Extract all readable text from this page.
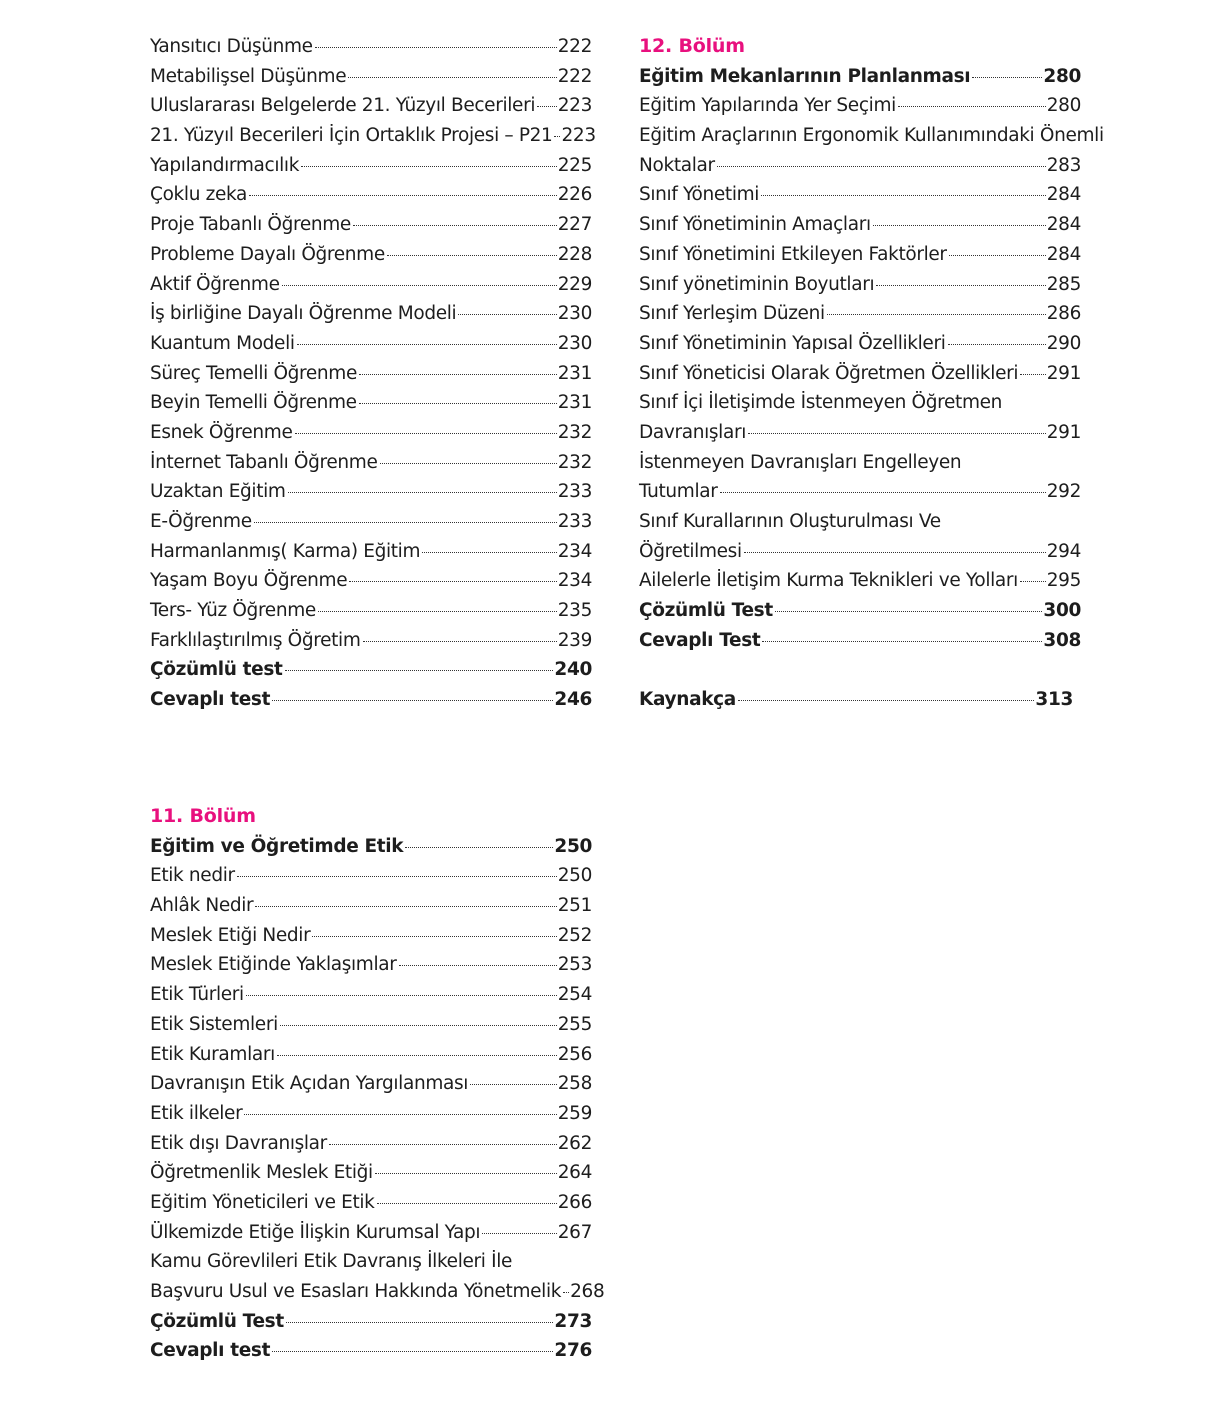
Yansıtıcı Düşünme	222
Metabilişsel Düşünme	222
Uluslararası Belgelerde 21. Yüzyıl Becerileri 223
21. Yüzyıl Becerileri İçin Ortaklık Projesi – P21 223
Yapılandırmacılık	225
Çoklu zeka	226
Proje Tabanlı Öğrenme	227
Probleme Dayalı Öğrenme	228
Aktif Öğrenme	229
İş birliğine Dayalı Öğrenme Modeli	230
Kuantum Modeli	230
Süreç Temelli Öğrenme	231
Beyin Temelli Öğrenme	231
Esnek Öğrenme	232
İnternet Tabanlı Öğrenme	232
Uzaktan Eğitim	233
E-Öğrenme	233
Harmanlanmış( Karma) Eğitim	234
Yaşam Boyu Öğrenme	234
Ters- Yüz Öğrenme	235
Farklılaştırılmış Öğretim	239
Çözümlü test	240
Cevaplı test	246
11. Bölüm
Eğitim ve Öğretimde Etik	250
Etik nedir	250
Ahlâk Nedir	251
Meslek Etiği Nedir	252
Meslek Etiğinde Yaklaşımlar	253
Etik Türleri	254
Etik Sistemleri	255
Etik Kuramları	256
Davranışın Etik Açıdan Yargılanması	258
Etik ilkeler	259
Etik dışı Davranışlar	262
Öğretmenlik Meslek Etiği	264
Eğitim Yöneticileri ve Etik	266
Ülkemizde Etiğe İlişkin Kurumsal Yapı	267
Kamu Görevlileri Etik Davranış İlkeleri İle
Başvuru Usul ve Esasları Hakkında Yönetmelik 268
Çözümlü Test	273
Cevaplı test	276
12. Bölüm
Eğitim Mekanlarının Planlanması	280
Eğitim Yapılarında Yer Seçimi	280
Eğitim Araçlarının Ergonomik Kullanımındaki Önemli
Noktalar	283
Sınıf Yönetimi	284
Sınıf Yönetiminin Amaçları	284
Sınıf Yönetimini Etkileyen Faktörler	284
Sınıf yönetiminin Boyutları	285
Sınıf Yerleşim Düzeni	286
Sınıf Yönetiminin Yapısal Özellikleri	290
Sınıf Yöneticisi Olarak Öğretmen Özellikleri 291
Sınıf İçi İletişimde İstenmeyen Öğretmen
Davranışları	291
İstenmeyen Davranışları Engelleyen
Tutumlar	292
Sınıf Kurallarının Oluşturulması Ve
Öğretilmesi	294
Ailelerle İletişim Kurma Teknikleri ve Yolları 295
Çözümlü Test	300
Cevaplı Test	308
Kaynakça	313
